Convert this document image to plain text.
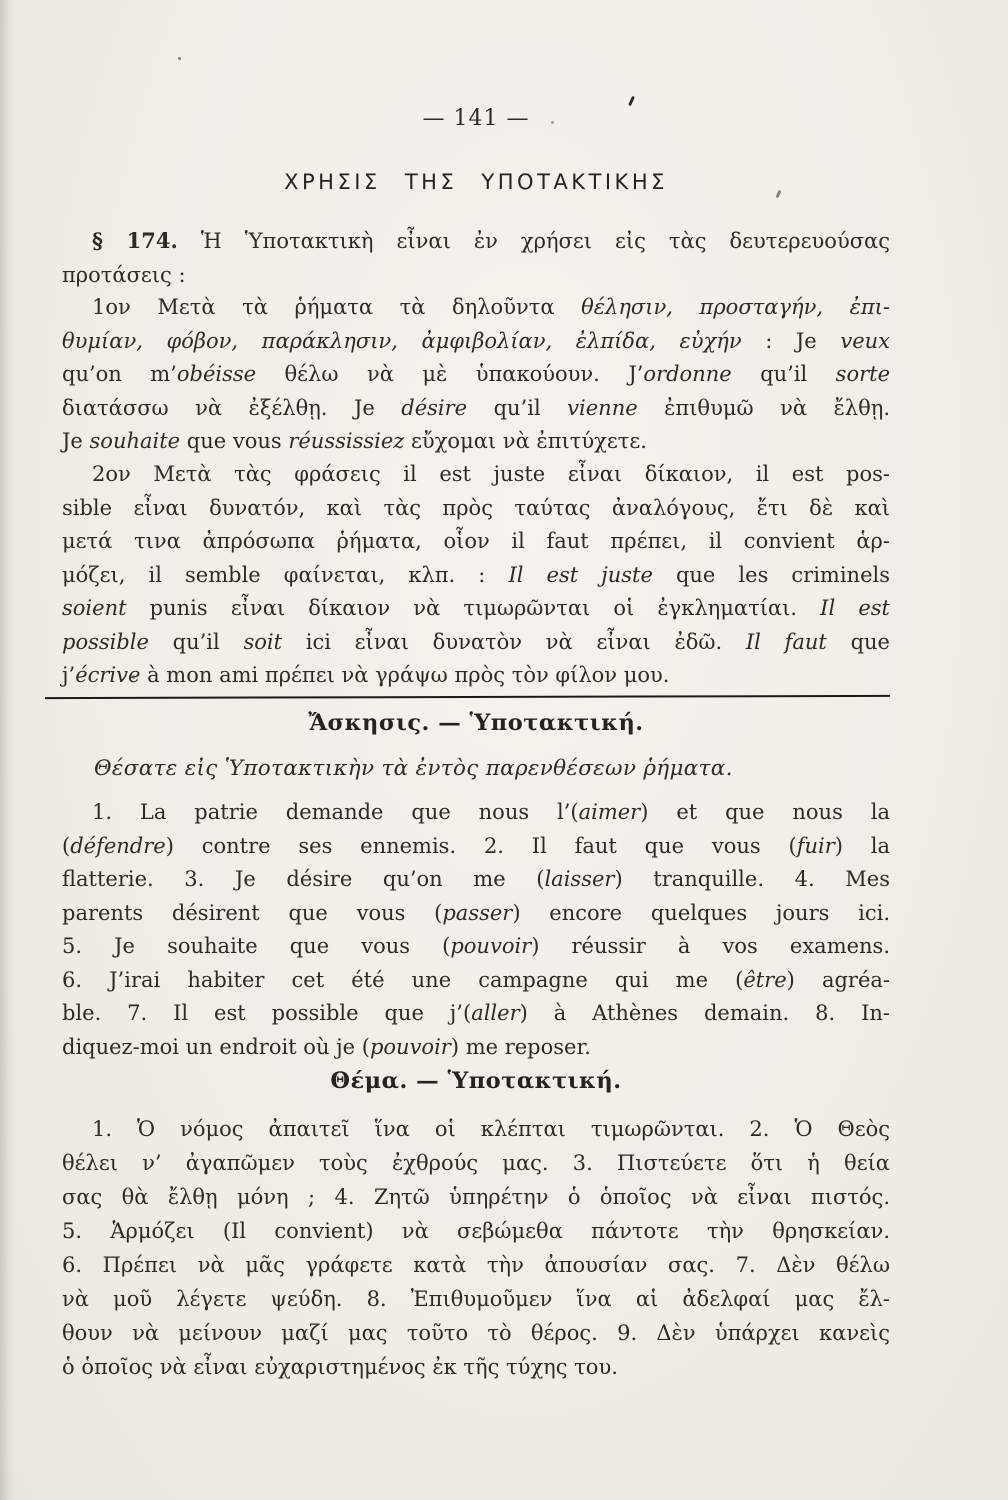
— 141 —
ΧΡΗΣΙΣ ΤΗΣ ΥΠΟΤΑΚΤΙΚΗΣ
§ 174. Ἡ Ὑποτακτικὴ εἶναι ἐν χρήσει εἰς τὰς δευτερευούσας
προτάσεις :
1ον Μετὰ τὰ ῥήματα τὰ δηλοῦντα θέλησιν, προσταγήν, ἐπι-
θυμίαν, φόβον, παράκλησιν, ἀμφιβολίαν, ἐλπίδα, εὐχήν : Je veux
qu’on m’obéisse θέλω νὰ μὲ ὑπακούουν. J’ordonne qu’il sorte
διατάσσω νὰ ἐξέλθῃ. Je désire qu’il vienne ἐπιθυμῶ νὰ ἔλθῃ.
Je souhaite que vous réussissiez εὔχομαι νὰ ἐπιτύχετε.
2ον Μετὰ τὰς φράσεις il est juste εἶναι δίκαιον, il est pos-
sible εἶναι δυνατόν, καὶ τὰς πρὸς ταύτας ἀναλόγους, ἔτι δὲ καὶ
μετά τινα ἀπρόσωπα ῥήματα, οἷον il faut πρέπει, il convient ἁρ-
μόζει, il semble φαίνεται, κλπ. : Il est juste que les criminels
soient punis εἶναι δίκαιον νὰ τιμωρῶνται οἱ ἐγκληματίαι. Il est
possible qu’il soit ici εἶναι δυνατὸν νὰ εἶναι ἐδῶ. Il faut que
j’écrive à mon ami πρέπει νὰ γράψω πρὸς τὸν φίλον μου.
Ἄσκησις. — Ὑποτακτική.
Θέσατε εἰς Ὑποτακτικὴν τὰ ἐντὸς παρενθέσεων ῥήματα.
1. La patrie demande que nous l’(aimer) et que nous la
(défendre) contre ses ennemis. 2. Il faut que vous (fuir) la
flatterie. 3. Je désire qu’on me (laisser) tranquille. 4. Mes
parents désirent que vous (passer) encore quelques jours ici.
5. Je souhaite que vous (pouvoir) réussir à vos examens.
6. J’irai habiter cet été une campagne qui me (être) agréa-
ble. 7. Il est possible que j’(aller) à Athènes demain. 8. In-
diquez-moi un endroit où je (pouvoir) me reposer.
Θέμα. — Ὑποτακτική.
1. Ὁ νόμος ἀπαιτεῖ ἵνα οἱ κλέπται τιμωρῶνται. 2. Ὁ Θεὸς
θέλει ν’ ἀγαπῶμεν τοὺς ἐχθρούς μας. 3. Πιστεύετε ὅτι ἡ θεία
σας θὰ ἔλθῃ μόνη ; 4. Ζητῶ ὑπηρέτην ὁ ὁποῖος νὰ εἶναι πιστός.
5. Ἁρμόζει (Il convient) νὰ σεβώμεθα πάντοτε τὴν θρησκείαν.
6. Πρέπει νὰ μᾶς γράφετε κατὰ τὴν ἀπουσίαν σας. 7. Δὲν θέλω
νὰ μοῦ λέγετε ψεύδη. 8. Ἐπιθυμοῦμεν ἵνα αἱ ἀδελφαί μας ἔλ-
θουν νὰ μείνουν μαζί μας τοῦτο τὸ θέρος. 9. Δὲν ὑπάρχει κανεὶς
ὁ ὁποῖος νὰ εἶναι εὐχαριστημένος ἐκ τῆς τύχης του.
